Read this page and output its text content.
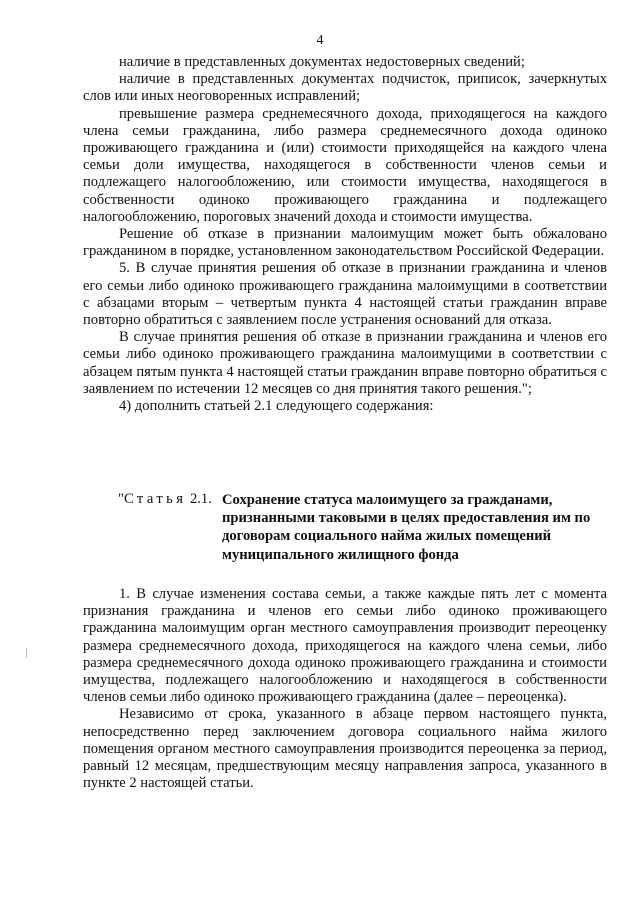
4

наличие в представленных документах недостоверных сведений;

наличие в представленных документах подчисток, приписок, зачеркнутых слов или иных неоговоренных исправлений;

превышение размера среднемесячного дохода, приходящегося на каждого члена семьи гражданина, либо размера среднемесячного дохода одиноко проживающего гражданина и (или) стоимости приходящейся на каждого члена семьи доли имущества, находящегося в собственности членов семьи и подлежащего налогообложению, или стоимости имущества, находящегося в собственности одиноко проживающего гражданина и подлежащего налогообложению, пороговых значений дохода и стоимости имущества.

Решение об отказе в признании малоимущим может быть обжаловано гражданином в порядке, установленном законодательством Российской Федерации.

5. В случае принятия решения об отказе в признании гражданина и членов его семьи либо одиноко проживающего гражданина малоимущими в соответствии с абзацами вторым – четвертым пункта 4 настоящей статьи гражданин вправе повторно обратиться с заявлением после устранения оснований для отказа.

В случае принятия решения об отказе в признании гражданина и членов его семьи либо одиноко проживающего гражданина малоимущими в соответствии с абзацем пятым пункта 4 настоящей статьи гражданин вправе повторно обратиться с заявлением по истечении 12 месяцев со дня принятия такого решения.";

4) дополнить статьей 2.1 следующего содержания:

"Статья 2.1. Сохранение статуса малоимущего за гражданами, признанными таковыми в целях предоставления им по договорам социального найма жилых помещений муниципального жилищного фонда

1. В случае изменения состава семьи, а также каждые пять лет с момента признания гражданина и членов его семьи либо одиноко проживающего гражданина малоимущим орган местного самоуправления производит переоценку размера среднемесячного дохода, приходящегося на каждого члена семьи, либо размера среднемесячного дохода одиноко проживающего гражданина и стоимости имущества, подлежащего налогообложению и находящегося в собственности членов семьи либо одиноко проживающего гражданина (далее – переоценка).

Независимо от срока, указанного в абзаце первом настоящего пункта, непосредственно перед заключением договора социального найма жилого помещения органом местного самоуправления производится переоценка за период, равный 12 месяцам, предшествующим месяцу направления запроса, указанного в пункте 2 настоящей статьи.
